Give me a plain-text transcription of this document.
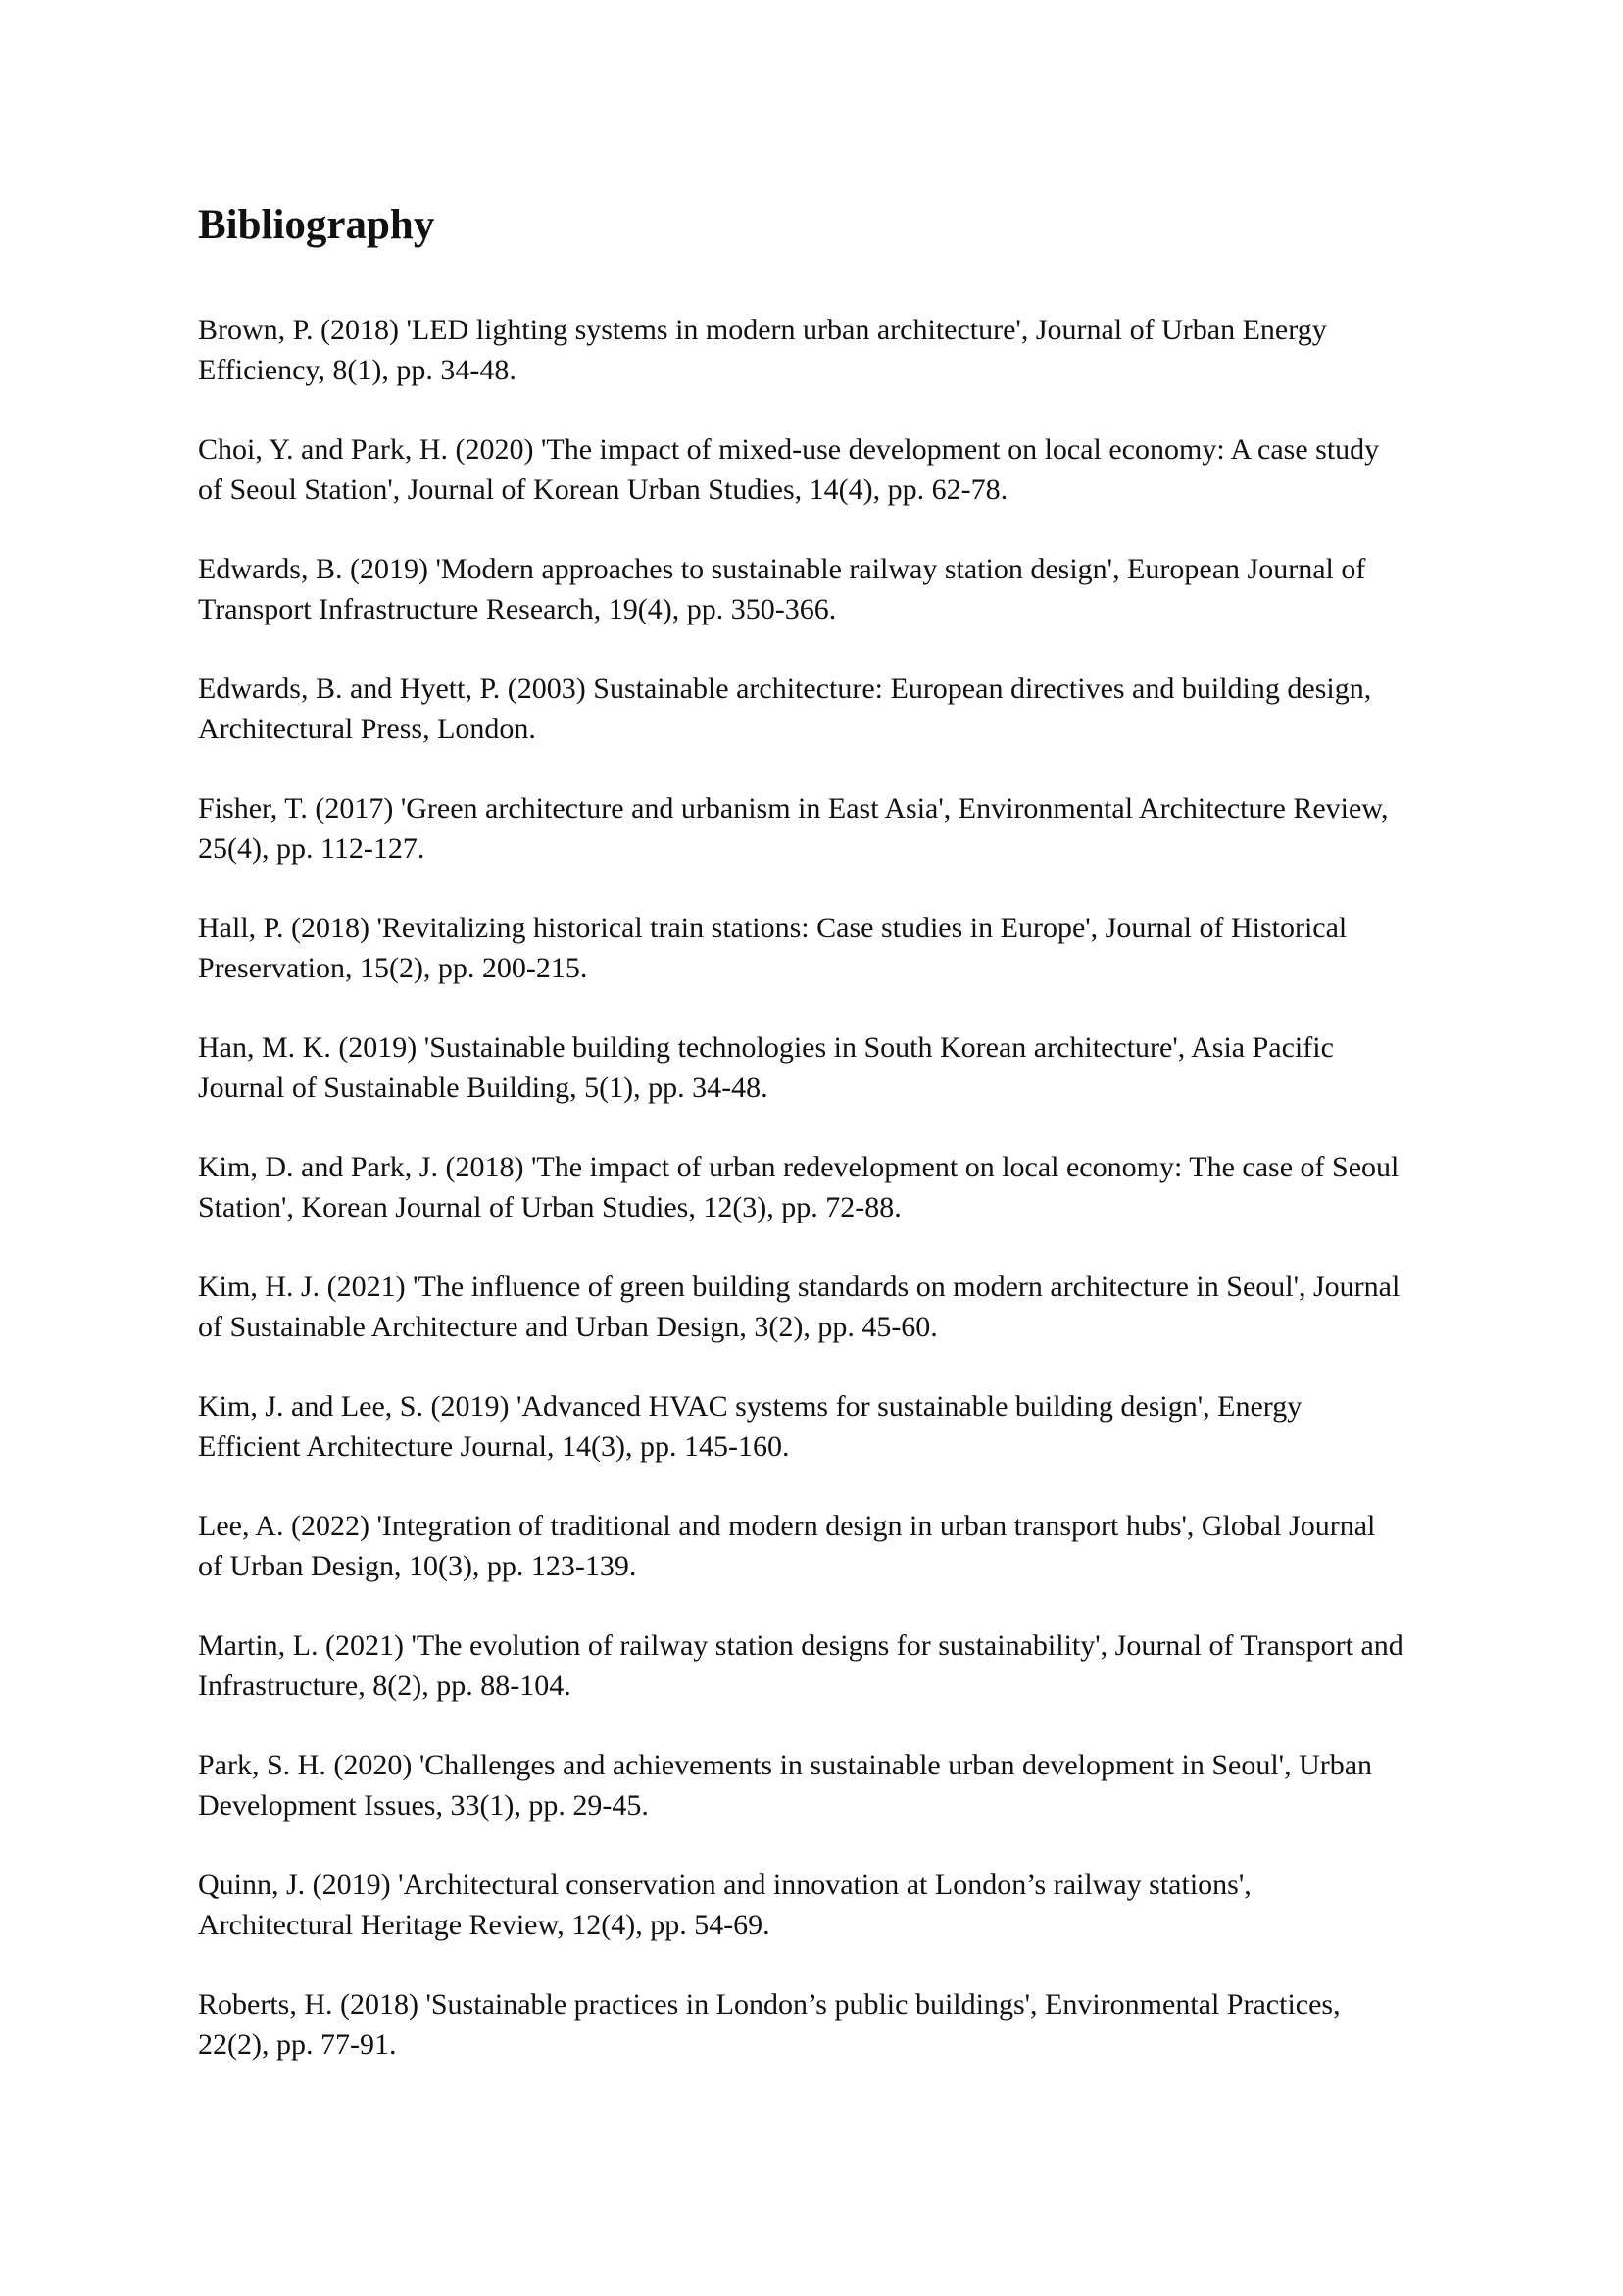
Bibliography
Brown, P. (2018) 'LED lighting systems in modern urban architecture', Journal of Urban Energy
Efficiency, 8(1), pp. 34-48.
Choi, Y. and Park, H. (2020) 'The impact of mixed-use development on local economy: A case study
of Seoul Station', Journal of Korean Urban Studies, 14(4), pp. 62-78.
Edwards, B. (2019) 'Modern approaches to sustainable railway station design', European Journal of
Transport Infrastructure Research, 19(4), pp. 350-366.
Edwards, B. and Hyett, P. (2003) Sustainable architecture: European directives and building design,
Architectural Press, London.
Fisher, T. (2017) 'Green architecture and urbanism in East Asia', Environmental Architecture Review,
25(4), pp. 112-127.
Hall, P. (2018) 'Revitalizing historical train stations: Case studies in Europe', Journal of Historical
Preservation, 15(2), pp. 200-215.
Han, M. K. (2019) 'Sustainable building technologies in South Korean architecture', Asia Pacific
Journal of Sustainable Building, 5(1), pp. 34-48.
Kim, D. and Park, J. (2018) 'The impact of urban redevelopment on local economy: The case of Seoul
Station', Korean Journal of Urban Studies, 12(3), pp. 72-88.
Kim, H. J. (2021) 'The influence of green building standards on modern architecture in Seoul', Journal
of Sustainable Architecture and Urban Design, 3(2), pp. 45-60.
Kim, J. and Lee, S. (2019) 'Advanced HVAC systems for sustainable building design', Energy
Efficient Architecture Journal, 14(3), pp. 145-160.
Lee, A. (2022) 'Integration of traditional and modern design in urban transport hubs', Global Journal
of Urban Design, 10(3), pp. 123-139.
Martin, L. (2021) 'The evolution of railway station designs for sustainability', Journal of Transport and
Infrastructure, 8(2), pp. 88-104.
Park, S. H. (2020) 'Challenges and achievements in sustainable urban development in Seoul', Urban
Development Issues, 33(1), pp. 29-45.
Quinn, J. (2019) 'Architectural conservation and innovation at London’s railway stations',
Architectural Heritage Review, 12(4), pp. 54-69.
Roberts, H. (2018) 'Sustainable practices in London’s public buildings', Environmental Practices,
22(2), pp. 77-91.
